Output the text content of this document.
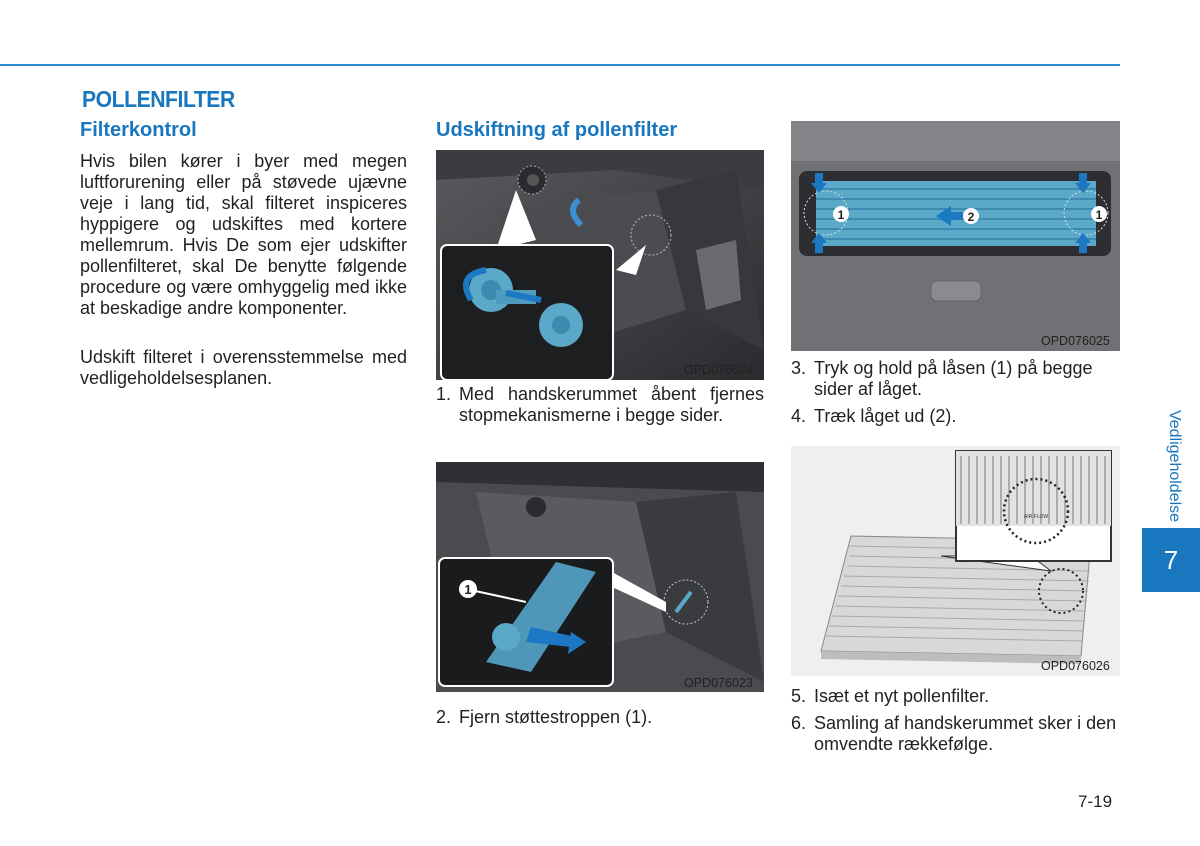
POLLENFILTER
Filterkontrol
Hvis bilen kører i byer med megen luftforurening eller på støvede ujævne veje i lang tid, skal filteret inspiceres hyppigere og udskiftes med kortere mellemrum. Hvis De som ejer udskifter pollenfilteret, skal De benytte følgende procedure og være omhyggelig med ikke at beskadige andre komponenter.
Udskift filteret i overensstemmelse med vedligeholdelsesplanen.
Udskiftning af pollenfilter
OPD076024
1. Med handskerummet åbent fjernes stopmekanismerne i begge sider.
1
OPD076023
2. Fjern støttestroppen (1).
1	1
2
OPD076025
3. Tryk og hold på låsen (1) på begge sider af låget.
4. Træk låget ud (2).
AIR FLOW
OPD076026
5. Isæt et nyt pollenfilter.
6. Samling af handskerummet sker i den omvendte rækkefølge.
Vedligeholdelse
7
7-19
